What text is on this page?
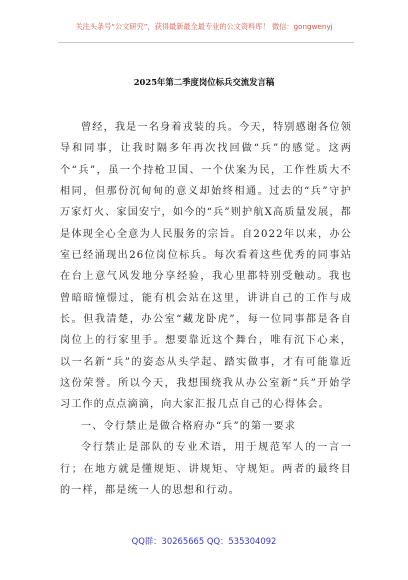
关注头条号“公文研究”，获得最新最全最专业的公文资料库！ 微信：gongwenyj
2025年第二季度岗位标兵交流发言稿

曾经，我是一名身着戎装的兵。今天，特别感谢各位领导和同事，让我时隔多年再次找回做“兵”的感觉。这两个“兵”，虽一个持枪卫国、一个伏案为民，工作性质大不相同，但那份沉甸甸的意义却始终相通。过去的“兵”守护万家灯火、家国安宁，如今的“兵”则护航X高质量发展，都是体现全心全意为人民服务的宗旨。自2022年以来，办公室已经涌现出26位岗位标兵。每次看着这些优秀的同事站在台上意气风发地分享经验，我心里都特别受触动。我也曾暗暗憧憬过，能有机会站在这里，讲讲自己的工作与成长。但我清楚，办公室“藏龙卧虎”，每一位同事都是各自岗位上的行家里手。想要靠近这个舞台，唯有沉下心来，以一名新“兵”的姿态从头学起、踏实做事，才有可能靠近这份荣誉。所以今天，我想围绕我从办公室新“兵”开始学习工作的点点滴滴，向大家汇报几点自己的心得体会。

一、令行禁止是做合格府办“兵”的第一要求

令行禁止是部队的专业术语，用于规范军人的一言一行；在地方就是懂规矩、讲规矩、守规矩。两者的最终目的一样，都是统一人的思想和行动。

QQ群：30265665 QQ：535304092
